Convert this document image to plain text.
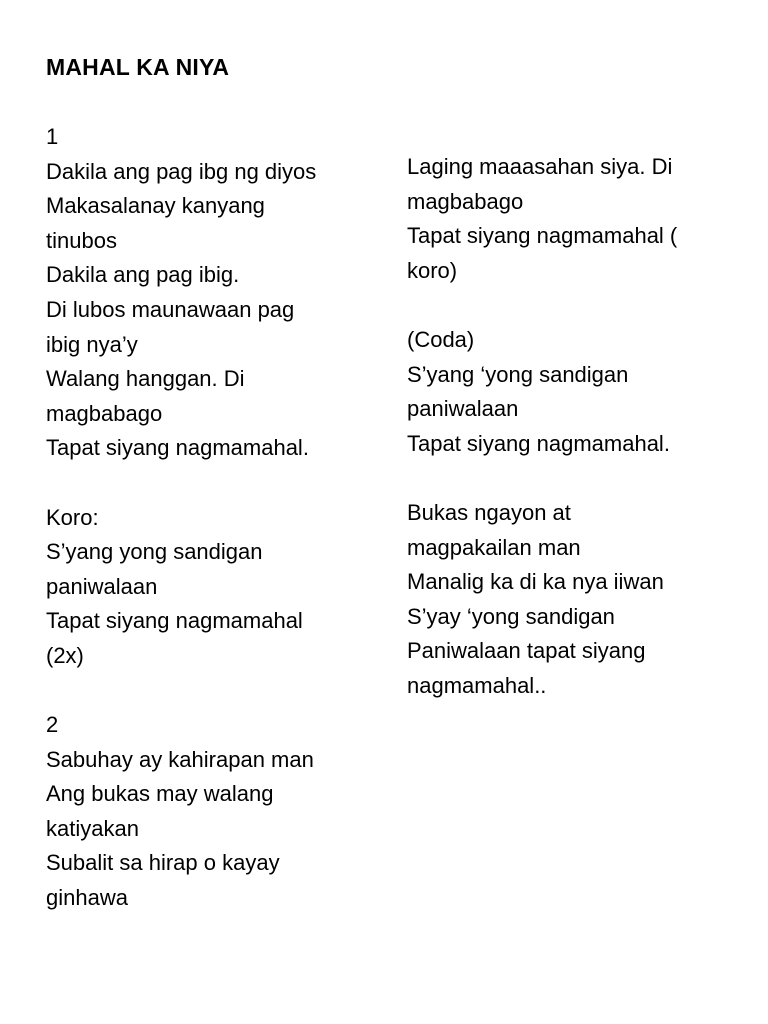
MAHAL KA NIYA
1
Dakila ang pag ibg ng diyos
Makasalanay kanyang
tinubos
Dakila ang pag ibig.
Di lubos maunawaan pag
ibig nya’y
Walang hanggan. Di
magbabago
Tapat siyang nagmamahal.
Koro:
S’yang yong sandigan
paniwalaan
Tapat siyang nagmamahal
(2x)
2
Sabuhay ay kahirapan man
Ang bukas may walang
katiyakan
Subalit sa hirap o kayay
ginhawa
Laging maaasahan siya. Di
magbabago
Tapat siyang nagmamahal (
koro)
(Coda)
S’yang ‘yong sandigan
paniwalaan
Tapat siyang nagmamahal.
Bukas ngayon at
magpakailan man
Manalig ka di ka nya iiwan
S’yay ‘yong sandigan
Paniwalaan tapat siyang
nagmamahal..
